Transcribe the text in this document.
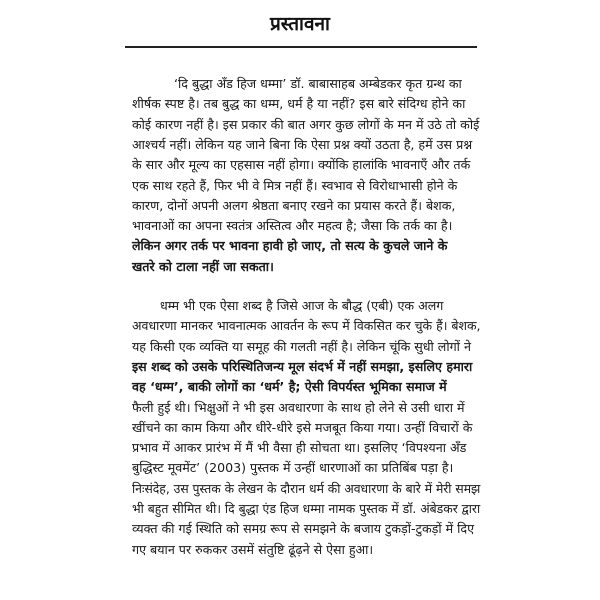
प्रस्तावना
‘दि बुद्धा अँड हिज धम्मा’ डॉ. बाबासाहब अम्बेडकर कृत ग्रन्थ का
शीर्षक स्पष्ट है। तब बुद्ध का धम्म, धर्म है या नहीं? इस बारे संदिग्ध होने का
कोई कारण नहीं है। इस प्रकार की बात अगर कुछ लोगों के मन में उठे तो कोई
आश्चर्य नहीं। लेकिन यह जाने बिना कि ऐसा प्रश्न क्यों उठता है, हमें उस प्रश्न
के सार और मूल्य का एहसास नहीं होगा। क्योंकि हालांकि भावनाएँ और तर्क
एक साथ रहते हैं, फिर भी वे मित्र नहीं हैं। स्वभाव से विरोधाभासी होने के
कारण, दोनों अपनी अलग श्रेष्ठता बनाए रखने का प्रयास करते हैं। बेशक,
भावनाओं का अपना स्वतंत्र अस्तित्व और महत्व है; जैसा कि तर्क का है।
लेकिन अगर तर्क पर भावना हावी हो जाए, तो सत्य के कुचले जाने के
खतरे को टाला नहीं जा सकता।
धम्म भी एक ऐसा शब्द है जिसे आज के बौद्ध (एबी) एक अलग
अवधारणा मानकर भावनात्मक आवर्तन के रूप में विकसित कर चुके हैं। बेशक,
यह किसी एक व्यक्ति या समूह की गलती नहीं है। लेकिन चूंकि सुधी लोगों ने
इस शब्द को उसके परिस्थितिजन्य मूल संदर्भ में नहीं समझा, इसलिए हमारा
वह ‘धम्म’, बाकी लोगों का ‘धर्म’ है; ऐसी विपर्यस्त भूमिका समाज में
फैली हुई थी। भिक्षुओं ने भी इस अवधारणा के साथ हो लेने से उसी धारा में
खींचने का काम किया और धीरे-धीरे इसे मजबूत किया गया। उन्हीं विचारों के
प्रभाव में आकर प्रारंभ में मैं भी वैसा ही सोचता था। इसलिए ‘विपश्यना अँड
बुद्धिस्ट मूवमेंट’ (2003) पुस्तक में उन्हीं धारणाओं का प्रतिबिंब पड़ा है।
निःसंदेह, उस पुस्तक के लेखन के दौरान धर्म की अवधारणा के बारे में मेरी समझ
भी बहुत सीमित थी। दि बुद्धा एंड हिज धम्मा नामक पुस्तक में डॉ. अंबेडकर द्वारा
व्यक्त की गई स्थिति को समग्र रूप से समझने के बजाय टुकड़ों-टुकड़ों में दिए
गए बयान पर रुककर उसमें संतुष्टि ढूंढ़ने से ऐसा हुआ।
